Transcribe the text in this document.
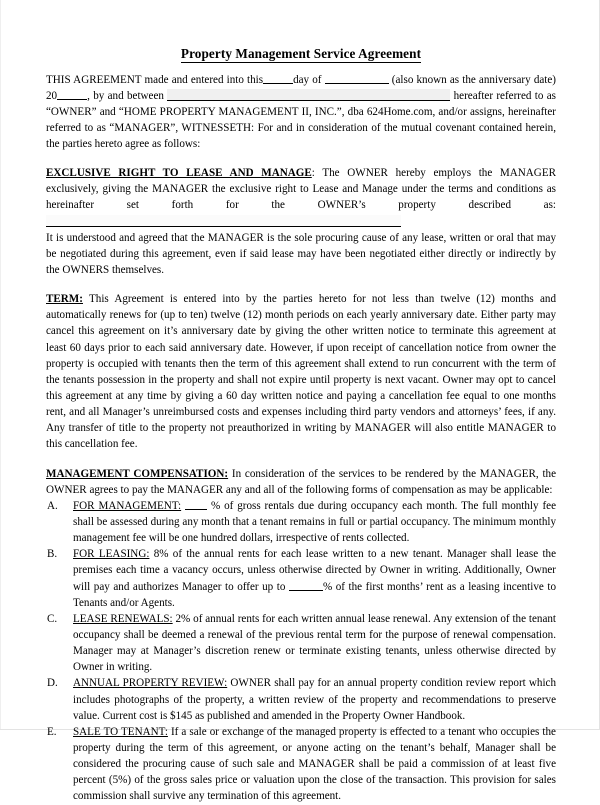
Property Management Service Agreement

THIS AGREEMENT made and entered into this	day of	(also known as the anniversary date) 20	, by and between	hereafter referred to as “OWNER” and “HOME PROPERTY MANAGEMENT II, INC.”, dba 624Home.com, and/or assigns, hereinafter referred to as “MANAGER”, WITNESSETH: For and in consideration of the mutual covenant contained herein, the parties hereto agree as follows:

EXCLUSIVE RIGHT TO LEASE AND MANAGE: The OWNER hereby employs the MANAGER exclusively, giving the MANAGER the exclusive right to Lease and Manage under the terms and conditions as hereinafter set forth for the OWNER’s property described as:

It is understood and agreed that the MANAGER is the sole procuring cause of any lease, written or oral that may be negotiated during this agreement, even if said lease may have been negotiated either directly or indirectly by the OWNERS themselves.

TERM: This Agreement is entered into by the parties hereto for not less than twelve (12) months and automatically renews for (up to ten) twelve (12) month periods on each yearly anniversary date. Either party may cancel this agreement on it’s anniversary date by giving the other written notice to terminate this agreement at least 60 days prior to each said anniversary date. However, if upon receipt of cancellation notice from owner the property is occupied with tenants then the term of this agreement shall extend to run concurrent with the term of the tenants possession in the property and shall not expire until property is next vacant. Owner may opt to cancel this agreement at any time by giving a 60 day written notice and paying a cancellation fee equal to one months rent, and all Manager’s unreimbursed costs and expenses including third party vendors and attorneys’ fees, if any. Any transfer of title to the property not preauthorized in writing by MANAGER will also entitle MANAGER to this cancellation fee.

MANAGEMENT COMPENSATION: In consideration of the services to be rendered by the MANAGER, the OWNER agrees to pay the MANAGER any and all of the following forms of compensation as may be applicable:

A.	FOR MANAGEMENT:	% of gross rentals due during occupancy each month. The full monthly fee shall be assessed during any month that a tenant remains in full or partial occupancy. The minimum monthly management fee will be one hundred dollars, irrespective of rents collected.
B.	FOR LEASING: 8% of the annual rents for each lease written to a new tenant. Manager shall lease the premises each time a vacancy occurs, unless otherwise directed by Owner in writing. Additionally, Owner will pay and authorizes Manager to offer up to	% of the first months’ rent as a leasing incentive to Tenants and/or Agents.
C.	LEASE RENEWALS: 2% of annual rents for each written annual lease renewal. Any extension of the tenant occupancy shall be deemed a renewal of the previous rental term for the purpose of renewal compensation. Manager may at Manager’s discretion renew or terminate existing tenants, unless otherwise directed by Owner in writing.
D.	ANNUAL PROPERTY REVIEW: OWNER shall pay for an annual property condition review report which includes photographs of the property, a written review of the property and recommendations to preserve value. Current cost is $145 as published and amended in the Property Owner Handbook.
E.	SALE TO TENANT: If a sale or exchange of the managed property is effected to a tenant who occupies the property during the term of this agreement, or anyone acting on the tenant’s behalf, Manager shall be considered the procuring cause of such sale and MANAGER shall be paid a commission of at least five percent (5%) of the gross sales price or valuation upon the close of the transaction. This provision for sales commission shall survive any termination of this agreement.
